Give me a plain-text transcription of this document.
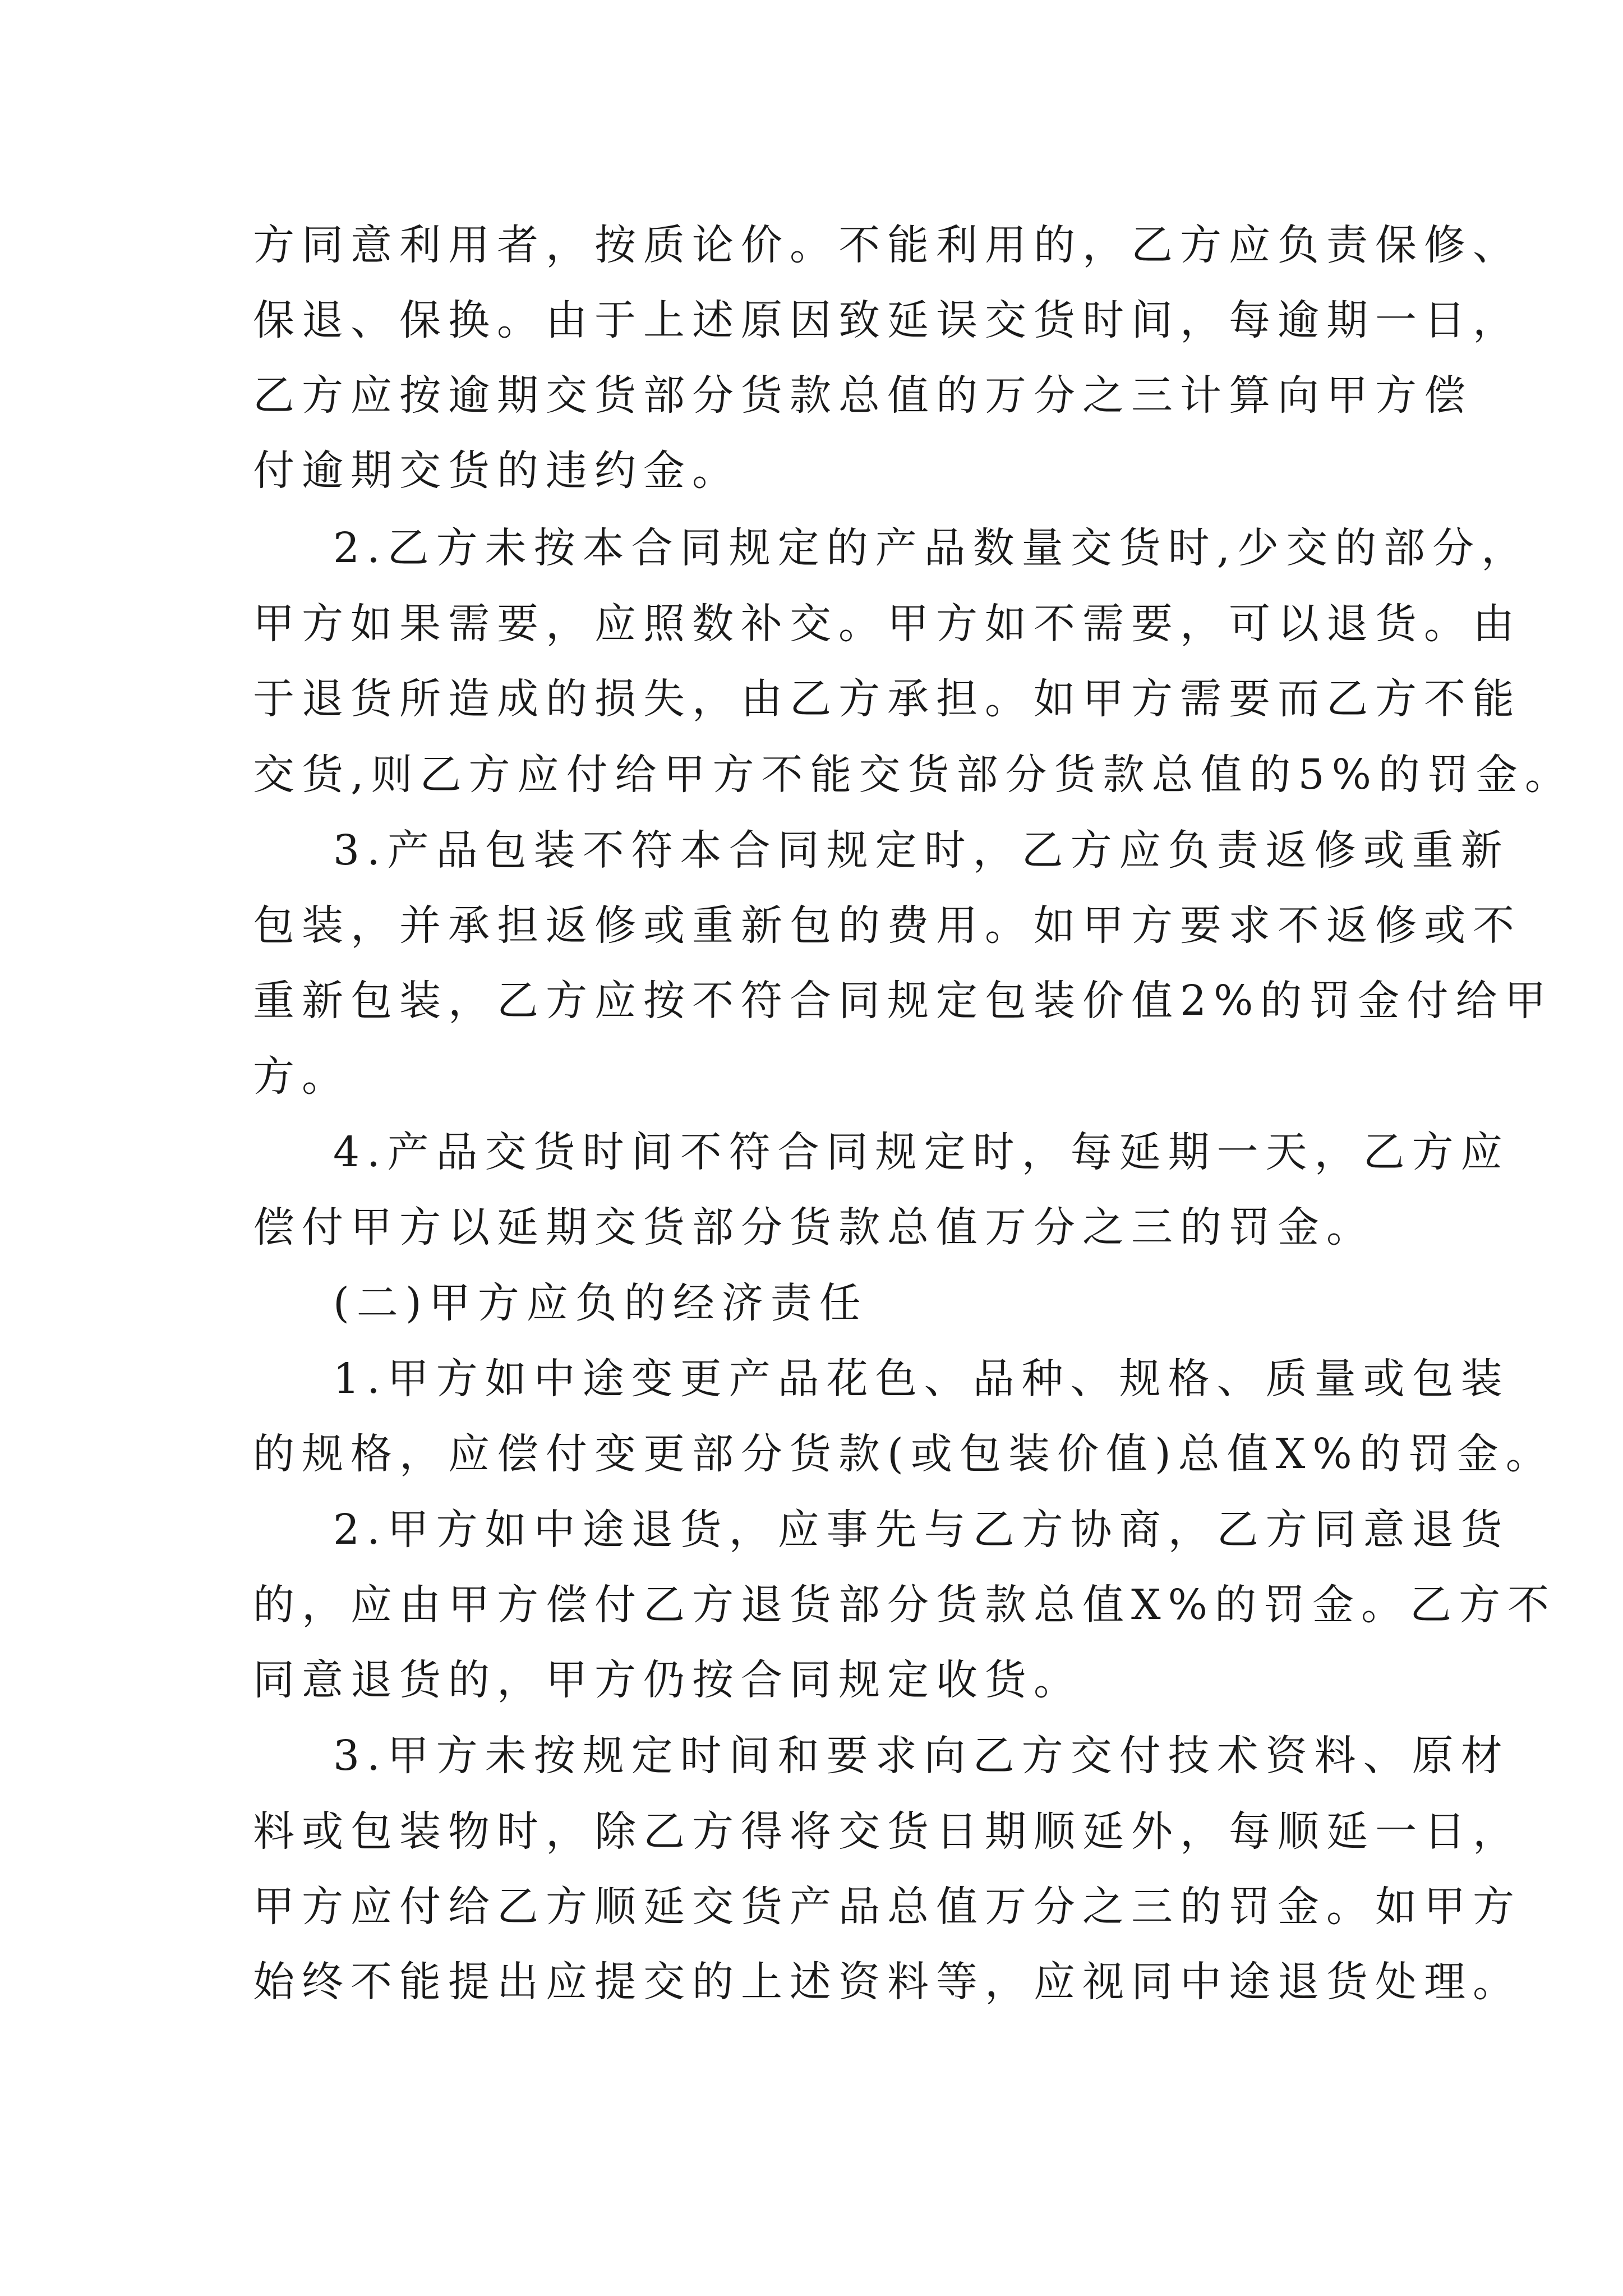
方同意利用者，按质论价。不能利用的，乙方应负责保修、
保退、保换。由于上述原因致延误交货时间，每逾期一日，
乙方应按逾期交货部分货款总值的万分之三计算向甲方偿
付逾期交货的违约金。
2.乙方未按本合同规定的产品数量交货时,少交的部分，
甲方如果需要，应照数补交。甲方如不需要，可以退货。由
于退货所造成的损失，由乙方承担。如甲方需要而乙方不能
交货,则乙方应付给甲方不能交货部分货款总值的5%的罚金。
3.产品包装不符本合同规定时，乙方应负责返修或重新
包装，并承担返修或重新包的费用。如甲方要求不返修或不
重新包装，乙方应按不符合同规定包装价值2%的罚金付给甲
方。
4.产品交货时间不符合同规定时，每延期一天，乙方应
偿付甲方以延期交货部分货款总值万分之三的罚金。
(二)甲方应负的经济责任
1.甲方如中途变更产品花色、品种、规格、质量或包装
的规格，应偿付变更部分货款(或包装价值)总值X%的罚金。
2.甲方如中途退货，应事先与乙方协商，乙方同意退货
的，应由甲方偿付乙方退货部分货款总值X%的罚金。乙方不
同意退货的，甲方仍按合同规定收货。
3.甲方未按规定时间和要求向乙方交付技术资料、原材
料或包装物时，除乙方得将交货日期顺延外，每顺延一日，
甲方应付给乙方顺延交货产品总值万分之三的罚金。如甲方
始终不能提出应提交的上述资料等，应视同中途退货处理。
